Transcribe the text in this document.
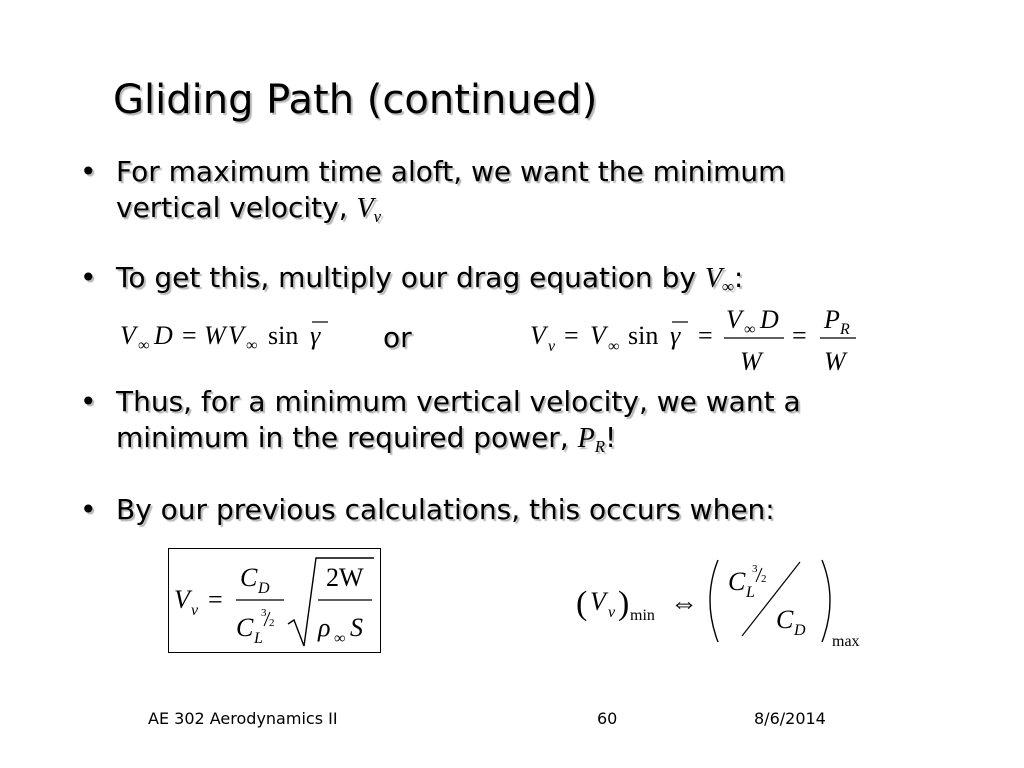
Gliding Path (continued)
• For maximum time aloft, we want the minimum vertical velocity, $V_v$
• To get this, multiply our drag equation by $V_\infty$:
V ∞ D = W V ∞ sin γ or	V v = V ∞ sin γ =
V ∞ D
W
=
P R
W
• Thus, for a minimum vertical velocity, we want a minimum in the required power, $P_R$!
• By our previous calculations, this occurs when:
V v =
C D
C L
3
2
2W
ρ ∞ S
( V v ) min ⇔
C L
3
2
C D
max
AE 302 Aerodynamics II	60	8/6/2014
